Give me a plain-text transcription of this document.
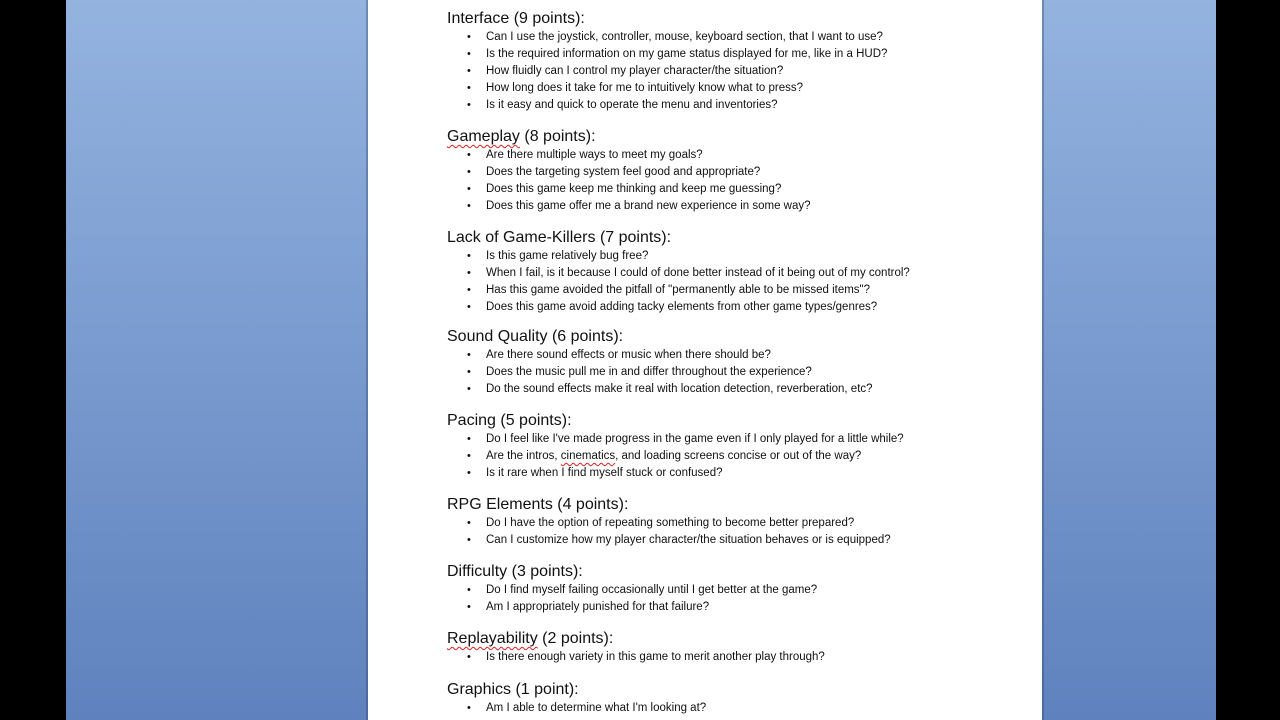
Interface (9 points):

• Can I use the joystick, controller, mouse, keyboard section, that I want to use?
• Is the required information on my game status displayed for me, like in a HUD?
• How fluidly can I control my player character/the situation?
• How long does it take for me to intuitively know what to press?
• Is it easy and quick to operate the menu and inventories?

Gameplay (8 points):

• Are there multiple ways to meet my goals?
• Does the targeting system feel good and appropriate?
• Does this game keep me thinking and keep me guessing?
• Does this game offer me a brand new experience in some way?

Lack of Game-Killers (7 points):

• Is this game relatively bug free?
• When I fail, is it because I could of done better instead of it being out of my control?
• Has this game avoided the pitfall of "permanently able to be missed items"?
• Does this game avoid adding tacky elements from other game types/genres?

Sound Quality (6 points):

• Are there sound effects or music when there should be?
• Does the music pull me in and differ throughout the experience?
• Do the sound effects make it real with location detection, reverberation, etc?

Pacing (5 points):

• Do I feel like I've made progress in the game even if I only played for a little while?
• Are the intros, cinematics, and loading screens concise or out of the way?
• Is it rare when I find myself stuck or confused?

RPG Elements (4 points):

• Do I have the option of repeating something to become better prepared?
• Can I customize how my player character/the situation behaves or is equipped?

Difficulty (3 points):

• Do I find myself failing occasionally until I get better at the game?
• Am I appropriately punished for that failure?

Replayability (2 points):

• Is there enough variety in this game to merit another play through?

Graphics (1 point):

• Am I able to determine what I'm looking at?
